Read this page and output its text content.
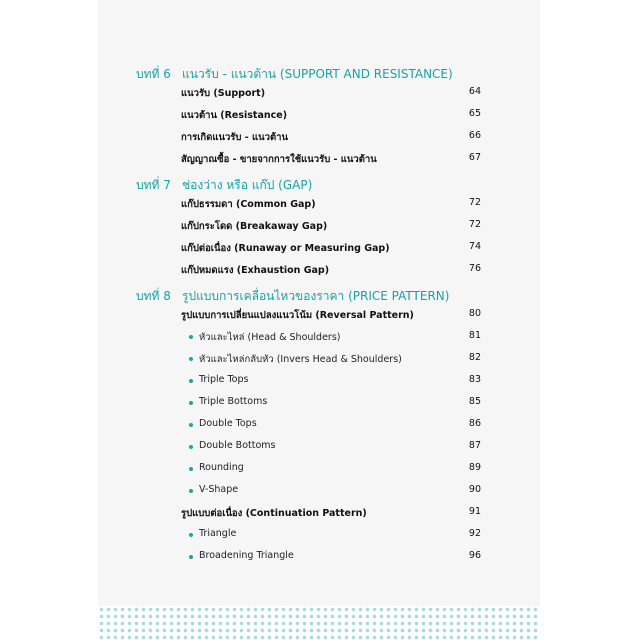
บทที่ 6 แนวรับ - แนวต้าน (SUPPORT AND RESISTANCE)
แนวรับ (Support)	64
แนวต้าน (Resistance)	65
การเกิดแนวรับ - แนวต้าน	66
สัญญาณซื้อ - ขายจากการใช้แนวรับ - แนวต้าน	67
บทที่ 7 ช่องว่าง หรือ แก๊ป (GAP)
แก๊ปธรรมดา (Common Gap)	72
แก๊ปกระโดด (Breakaway Gap)	72
แก๊ปต่อเนื่อง (Runaway or Measuring Gap)	74
แก๊ปหมดแรง (Exhaustion Gap)	76
บทที่ 8 รูปแบบการเคลื่อนไหวของราคา (PRICE PATTERN)
รูปแบบการเปลี่ยนแปลงแนวโน้ม (Reversal Pattern)	80
หัวและไหล่ (Head & Shoulders)	81
หัวและไหล่กลับหัว (Invers Head & Shoulders)	82
Triple Tops	83
Triple Bottoms	85
Double Tops	86
Double Bottoms	87
Rounding	89
V-Shape	90
รูปแบบต่อเนื่อง (Continuation Pattern)	91
Triangle	92
Broadening Triangle	96
